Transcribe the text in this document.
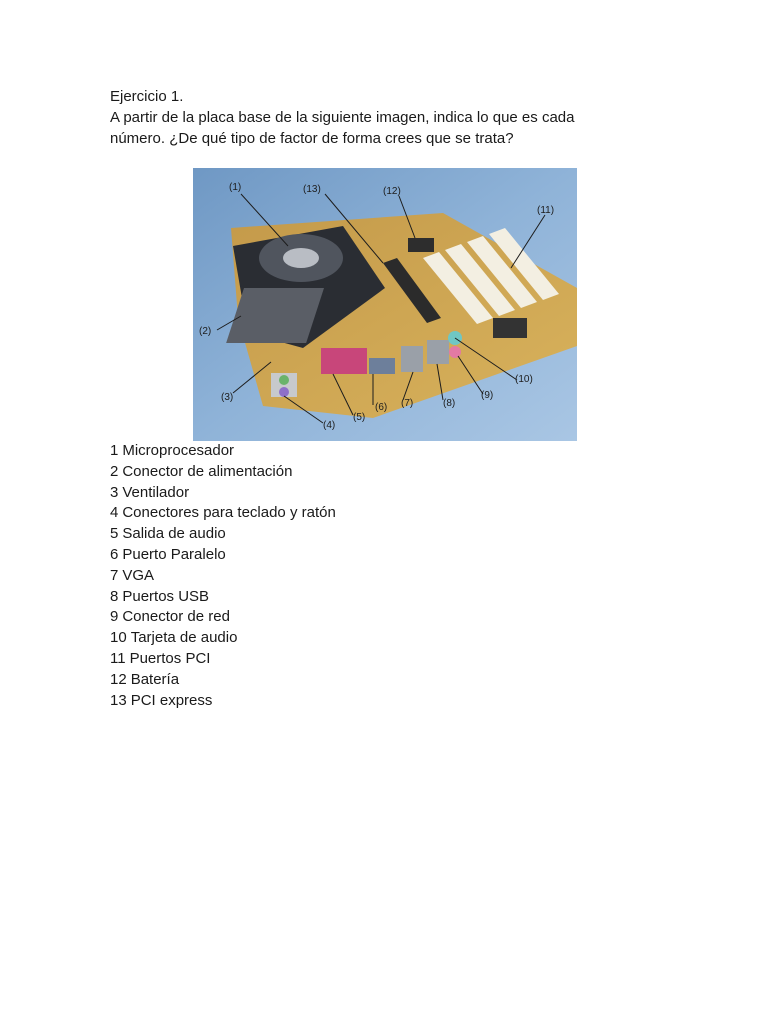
Ejercicio 1.

A partir de la placa base de la siguiente imagen, indica lo que es cada

número. ¿De qué tipo de factor de forma crees que se trata?

(1)
(2)
(3)
(4)
(5)
(6) (7)	(8)
(9)
(10)
(11)
(12)
(13)
1 Microprocesador
2 Conector de alimentación
3 Ventilador
4 Conectores para teclado y ratón
5 Salida de audio
6 Puerto Paralelo
7 VGA
8 Puertos USB
9 Conector de red
10 Tarjeta de audio
11 Puertos PCI
12 Batería
13 PCI express
